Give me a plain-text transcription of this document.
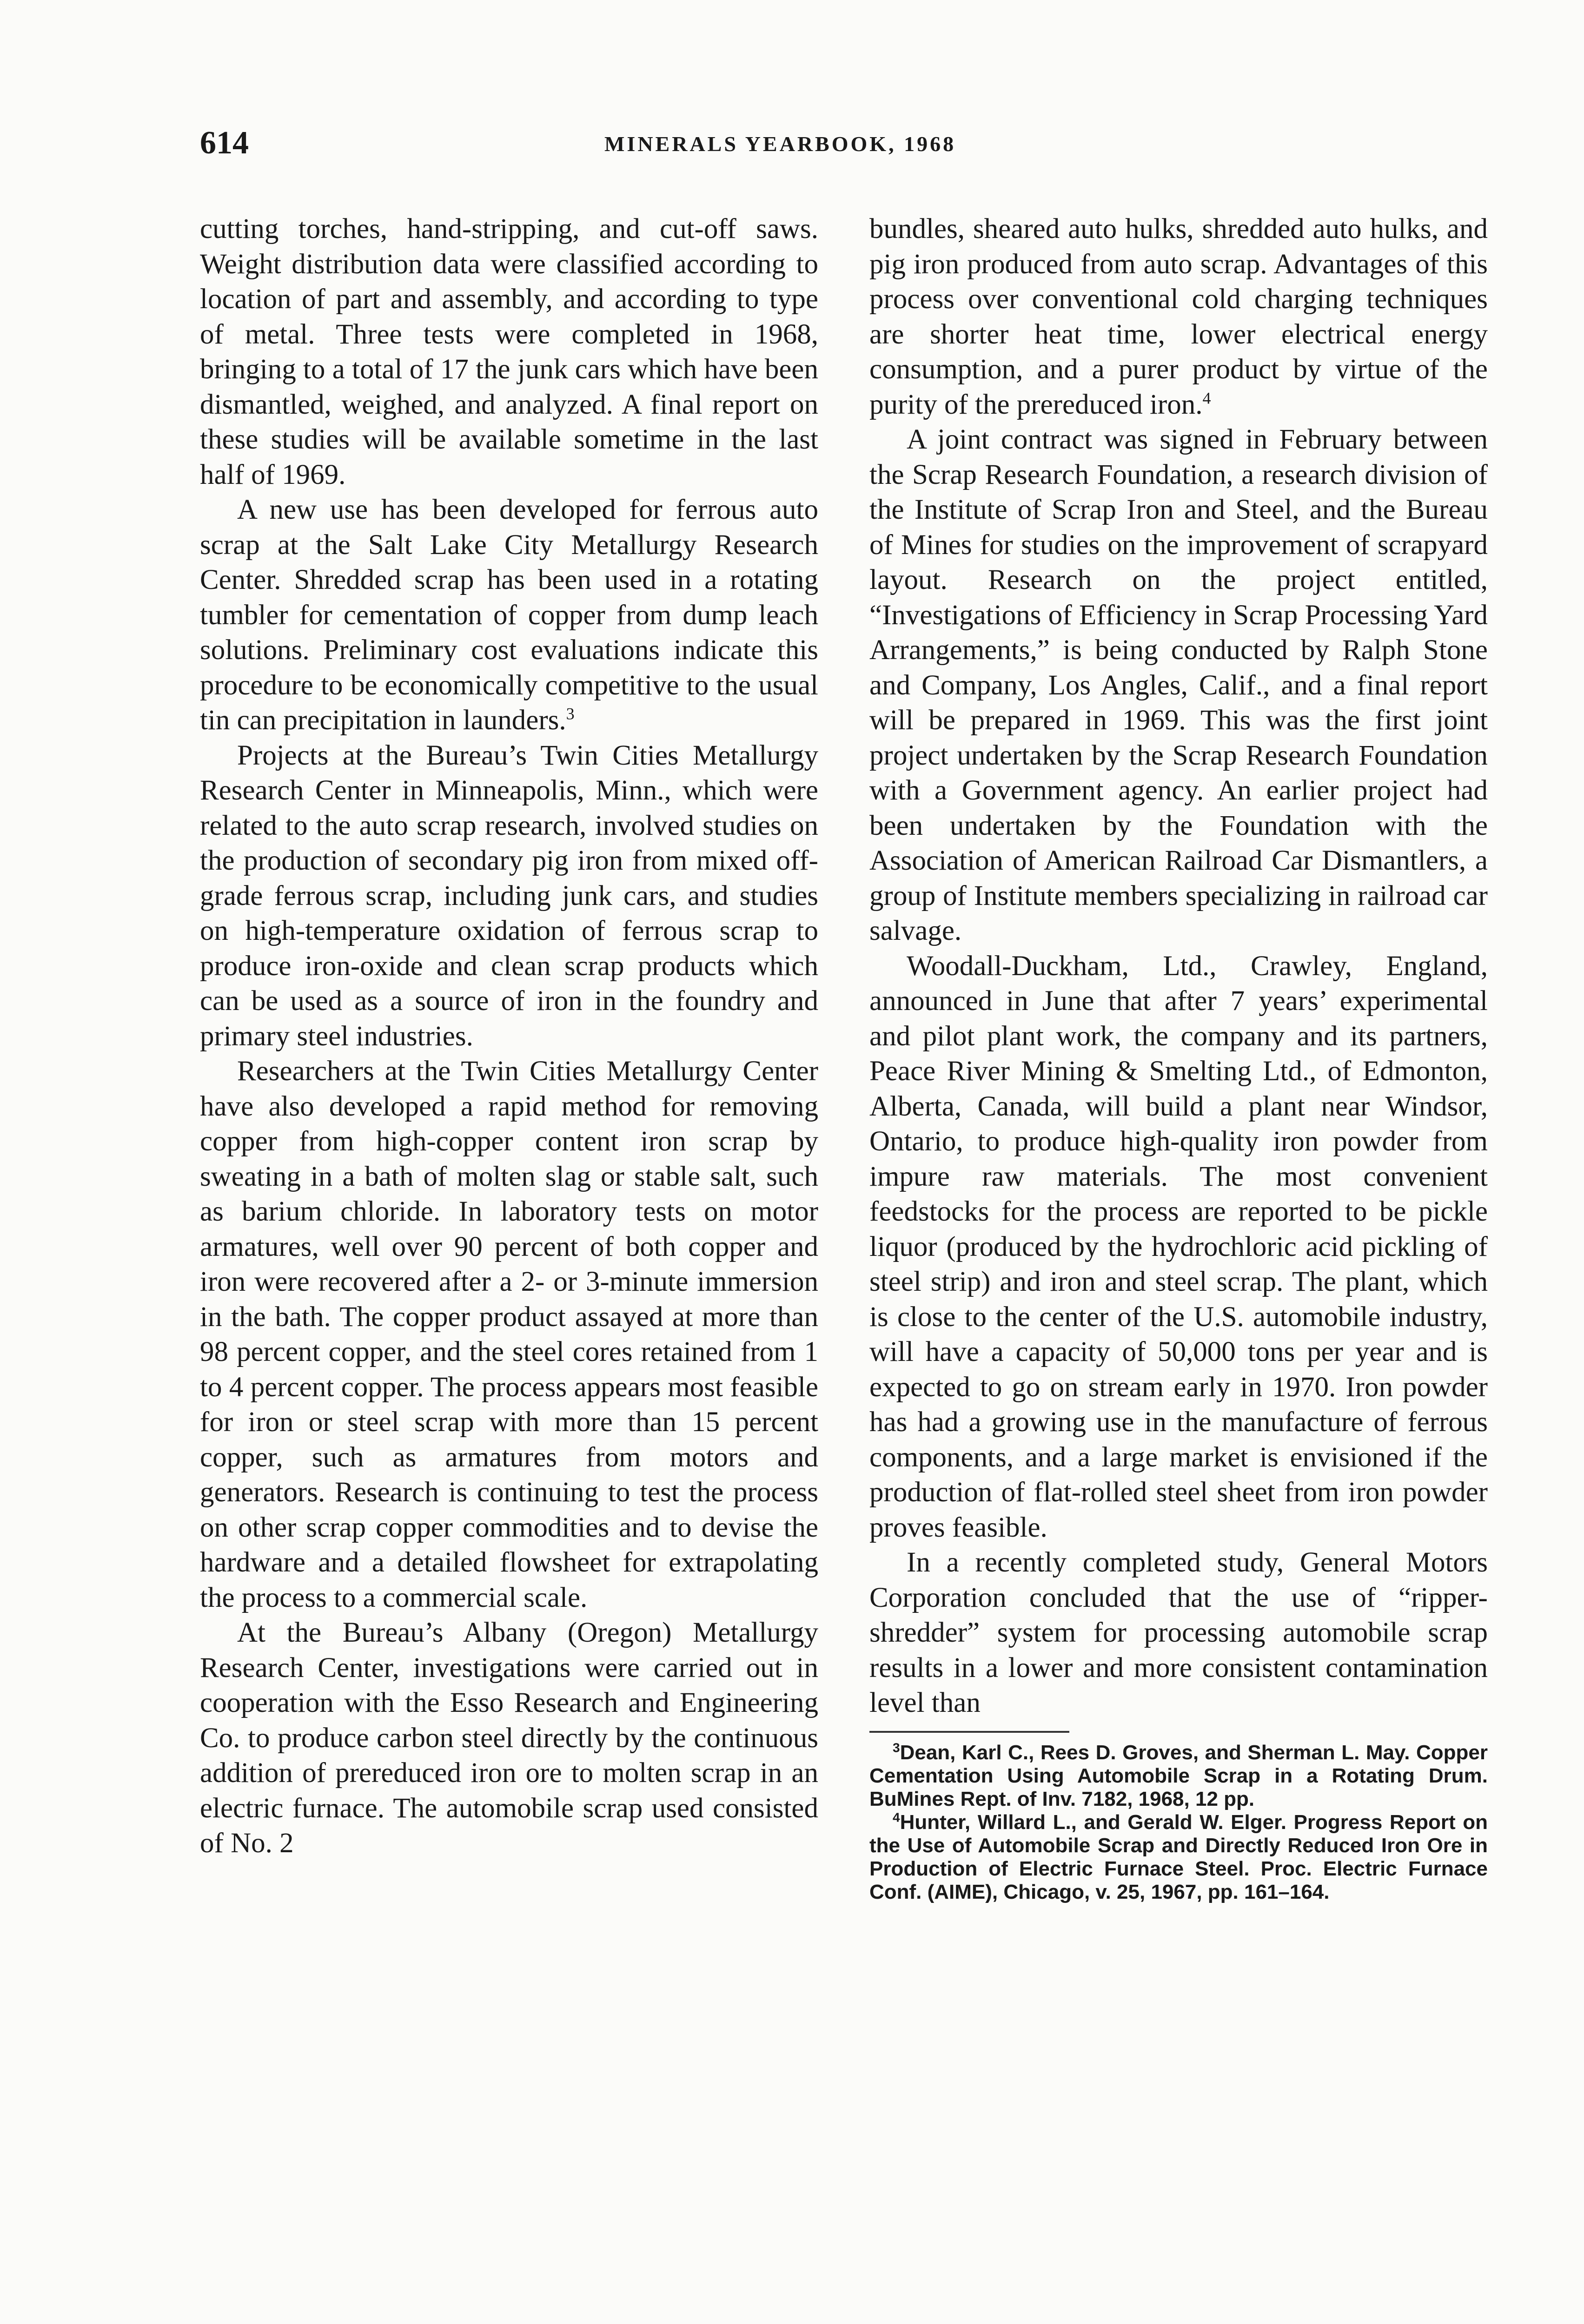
614	MINERALS YEARBOOK, 1968

cutting torches, hand-stripping, and cut-off saws. Weight distribution data were classified according to location of part and assembly, and according to type of metal. Three tests were completed in 1968, bringing to a total of 17 the junk cars which have been dismantled, weighed, and analyzed. A final report on these studies will be available sometime in the last half of 1969.

A new use has been developed for ferrous auto scrap at the Salt Lake City Metallurgy Research Center. Shredded scrap has been used in a rotating tumbler for cementation of copper from dump leach solutions. Preliminary cost evaluations indicate this procedure to be economically competitive to the usual tin can precipitation in launders.$^3$

Projects at the Bureau’s Twin Cities Metallurgy Research Center in Minneapolis, Minn., which were related to the auto scrap research, involved studies on the production of secondary pig iron from mixed off-grade ferrous scrap, including junk cars, and studies on high-temperature oxidation of ferrous scrap to produce iron-oxide and clean scrap products which can be used as a source of iron in the foundry and primary steel industries.

Researchers at the Twin Cities Metallurgy Center have also developed a rapid method for removing copper from high-copper content iron scrap by sweating in a bath of molten slag or stable salt, such as barium chloride. In laboratory tests on motor armatures, well over 90 percent of both copper and iron were recovered after a 2- or 3-minute immersion in the bath. The copper product assayed at more than 98 percent copper, and the steel cores retained from 1 to 4 percent copper. The process appears most feasible for iron or steel scrap with more than 15 percent copper, such as armatures from motors and generators. Research is continuing to test the process on other scrap copper commodities and to devise the hardware and a detailed flowsheet for extrapolating the process to a commercial scale.

At the Bureau’s Albany (Oregon) Metallurgy Research Center, investigations were carried out in cooperation with the Esso Research and Engineering Co. to produce carbon steel directly by the continuous addition of prereduced iron ore to molten scrap in an electric furnace. The automobile scrap used consisted of No. 2

bundles, sheared auto hulks, shredded auto hulks, and pig iron produced from auto scrap. Advantages of this process over conventional cold charging techniques are shorter heat time, lower electrical energy consumption, and a purer product by virtue of the purity of the prereduced iron.$^4$

A joint contract was signed in February between the Scrap Research Foundation, a research division of the Institute of Scrap Iron and Steel, and the Bureau of Mines for studies on the improvement of scrapyard layout. Research on the project entitled, “Investigations of Efficiency in Scrap Processing Yard Arrangements,” is being conducted by Ralph Stone and Company, Los Angles, Calif., and a final report will be prepared in 1969. This was the first joint project undertaken by the Scrap Research Foundation with a Government agency. An earlier project had been undertaken by the Foundation with the Association of American Railroad Car Dismantlers, a group of Institute members specializing in railroad car salvage.

Woodall-Duckham, Ltd., Crawley, England, announced in June that after 7 years’ experimental and pilot plant work, the company and its partners, Peace River Mining & Smelting Ltd., of Edmonton, Alberta, Canada, will build a plant near Windsor, Ontario, to produce high-quality iron powder from impure raw materials. The most convenient feedstocks for the process are reported to be pickle liquor (produced by the hydrochloric acid pickling of steel strip) and iron and steel scrap. The plant, which is close to the center of the U.S. automobile industry, will have a capacity of 50,000 tons per year and is expected to go on stream early in 1970. Iron powder has had a growing use in the manufacture of ferrous components, and a large market is envisioned if the production of flat-rolled steel sheet from iron powder proves feasible.

In a recently completed study, General Motors Corporation concluded that the use of “ripper-shredder” system for processing automobile scrap results in a lower and more consistent contamination level than

$^3$Dean, Karl C., Rees D. Groves, and Sherman L. May. Copper Cementation Using Automobile Scrap in a Rotating Drum. BuMines Rept. of Inv. 7182, 1968, 12 pp.

$^4$Hunter, Willard L., and Gerald W. Elger. Progress Report on the Use of Automobile Scrap and Directly Reduced Iron Ore in Production of Electric Furnace Steel. Proc. Electric Furnace Conf. (AIME), Chicago, v. 25, 1967, pp. 161–164.
